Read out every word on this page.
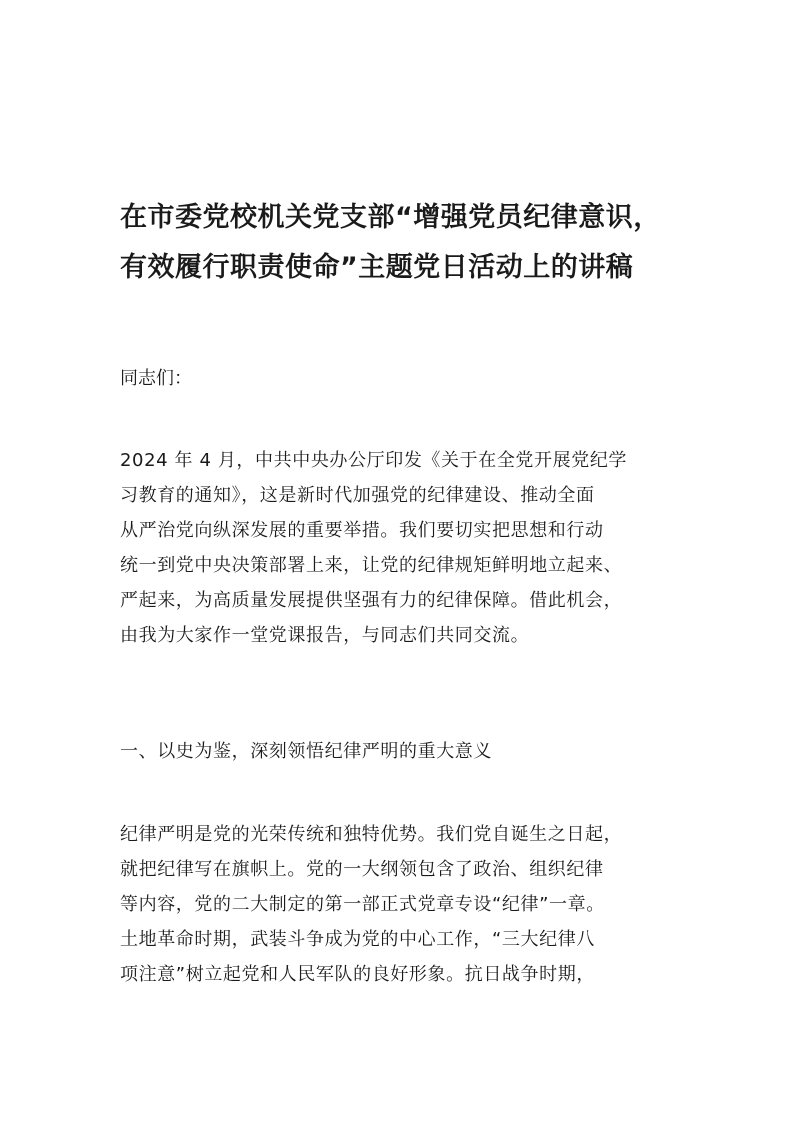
在市委党校机关党支部“增强党员纪律意识，
有效履行职责使命”主题党日活动上的讲稿
同志们：
2024 年 4 月，中共中央办公厅印发《关于在全党开展党纪学
习教育的通知》，这是新时代加强党的纪律建设、推动全面
从严治党向纵深发展的重要举措。我们要切实把思想和行动
统一到党中央决策部署上来，让党的纪律规矩鲜明地立起来、
严起来，为高质量发展提供坚强有力的纪律保障。借此机会，
由我为大家作一堂党课报告，与同志们共同交流。
一、以史为鉴，深刻领悟纪律严明的重大意义
纪律严明是党的光荣传统和独特优势。我们党自诞生之日起，
就把纪律写在旗帜上。党的一大纲领包含了政治、组织纪律
等内容，党的二大制定的第一部正式党章专设“纪律”一章。
土地革命时期，武装斗争成为党的中心工作，“三大纪律八
项注意”树立起党和人民军队的良好形象。抗日战争时期，
